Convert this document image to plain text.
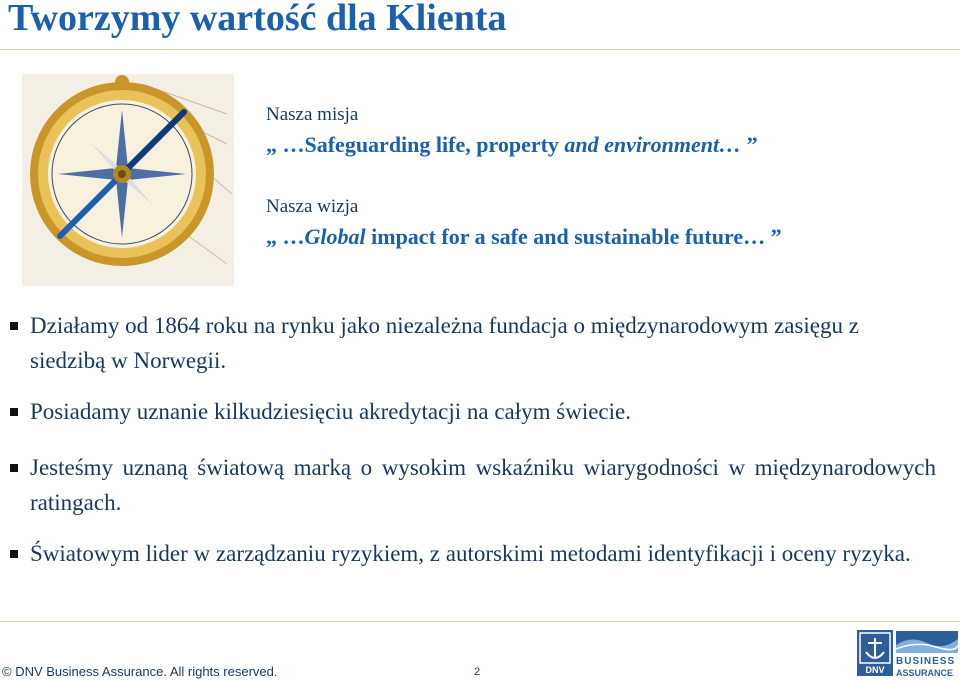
Tworzymy wartość dla Klienta
Nasza misja
„ …Safeguarding life, property and environment… ”
Nasza wizja
„ …Global impact for a safe and sustainable future… ”
Działamy od 1864 roku na rynku jako niezależna fundacja o międzynarodowym zasięgu z siedzibą w Norwegii.
Posiadamy uznanie kilkudziesięciu akredytacji na całym świecie.
Jesteśmy uznaną światową marką o wysokim wskaźniku wiarygodności w międzynarodowych ratingach.
Światowym lider w zarządzaniu ryzykiem, z autorskimi metodami identyfikacji i oceny ryzyka.
© DNV Business Assurance. All rights reserved.	2	DNV
BUSINESS
ASSURANCE
